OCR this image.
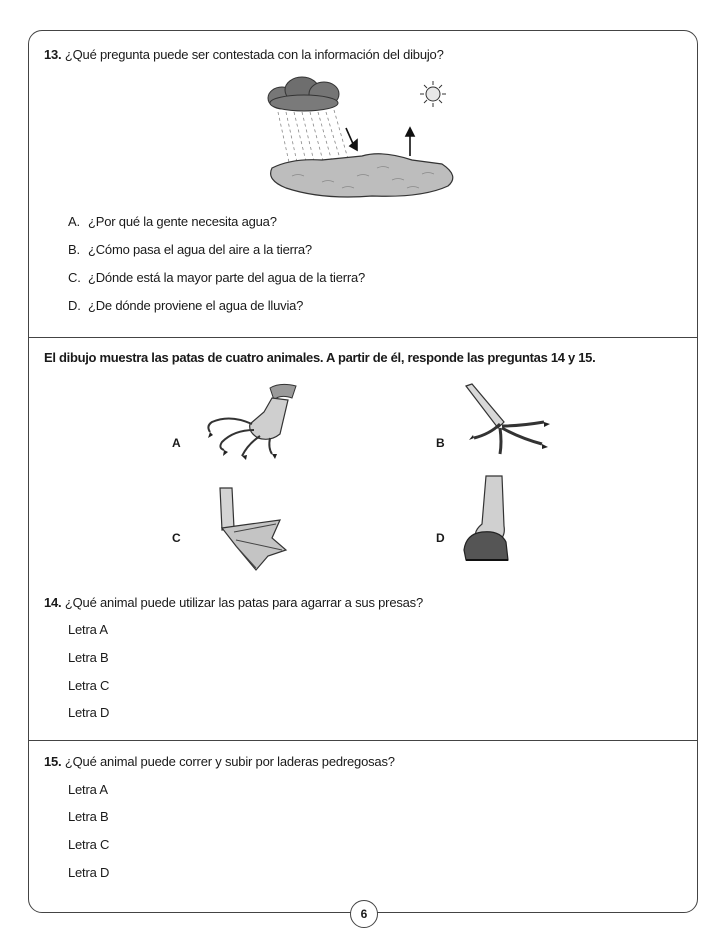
13. ¿Qué pregunta puede ser contestada con la información del dibujo?
A. ¿Por qué la gente necesita agua?
B. ¿Cómo pasa el agua del aire a la tierra?
C. ¿Dónde está la mayor parte del agua de la tierra?
D. ¿De dónde proviene el agua de lluvia?
El dibujo muestra las patas de cuatro animales. A partir de él, responde las preguntas 14 y 15.
A	B
C	D
14. ¿Qué animal puede utilizar las patas para agarrar a sus presas?
Letra A
Letra B
Letra C
Letra D
15. ¿Qué animal puede correr y subir por laderas pedregosas?
Letra A
Letra B
Letra C
Letra D
6
